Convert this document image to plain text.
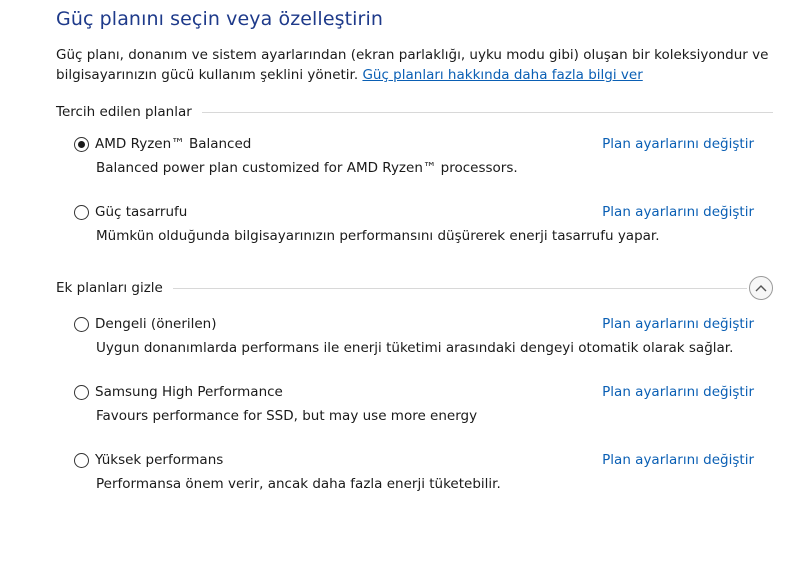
Güç planını seçin veya özelleştirin
Güç planı, donanım ve sistem ayarlarından (ekran parlaklığı, uyku modu gibi) oluşan bir koleksiyondur ve
bilgisayarınızın gücü kullanım şeklini yönetir. Güç planları hakkında daha fazla bilgi ver
Tercih edilen planlar
AMD Ryzen™ Balanced	Plan ayarlarını değiştir
Balanced power plan customized for AMD Ryzen™ processors.
Güç tasarrufu	Plan ayarlarını değiştir
Mümkün olduğunda bilgisayarınızın performansını düşürerek enerji tasarrufu yapar.
Ek planları gizle
Dengeli (önerilen)	Plan ayarlarını değiştir
Uygun donanımlarda performans ile enerji tüketimi arasındaki dengeyi otomatik olarak sağlar.
Samsung High Performance	Plan ayarlarını değiştir
Favours performance for SSD, but may use more energy
Yüksek performans	Plan ayarlarını değiştir
Performansa önem verir, ancak daha fazla enerji tüketebilir.
